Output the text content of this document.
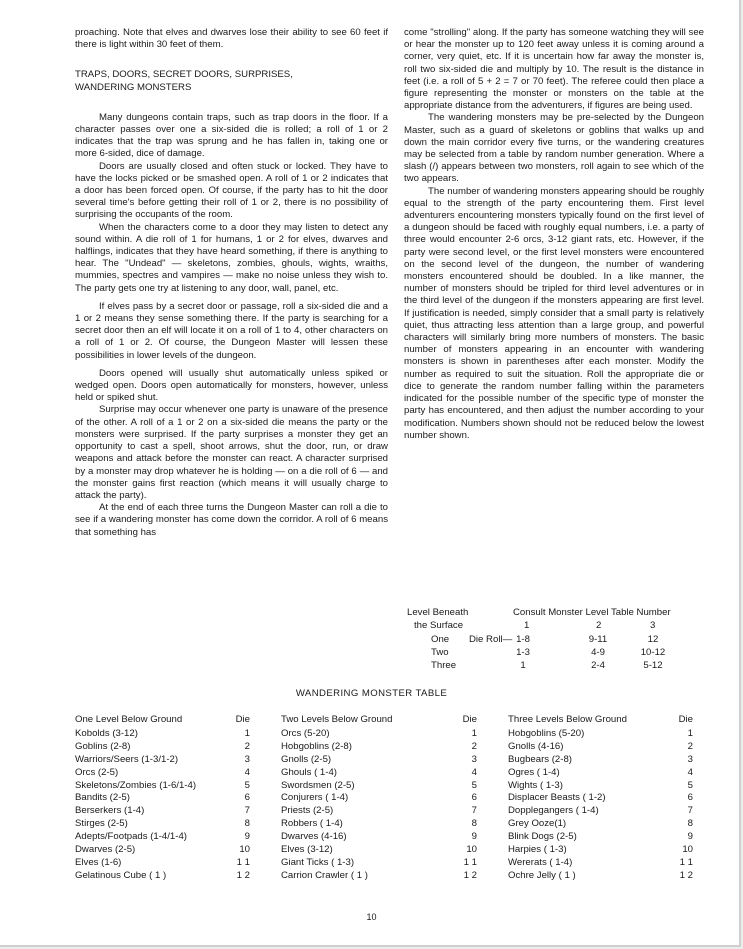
proaching. Note that elves and dwarves lose their ability to see 60 feet if there is light within 30 feet of them.

TRAPS, DOORS, SECRET DOORS, SURPRISES,

WANDERING MONSTERS

Many dungeons contain traps, such as trap doors in the floor. If a character passes over one a six-sided die is rolled; a roll of 1 or 2 indicates that the trap was sprung and he has fallen in, taking one or more 6-sided, dice of damage.

Doors are usually closed and often stuck or locked. They have to have the locks picked or be smashed open. A roll of 1 or 2 indicates that a door has been forced open. Of course, if the party has to hit the door several time's before getting their roll of 1 or 2, there is no possibility of surprising the occupants of the room.

When the characters come to a door they may listen to detect any sound within. A die roll of 1 for humans, 1 or 2 for elves, dwarves and halflings, indicates that they have heard something, if there is anything to hear. The "Undead" — skeletons, zombies, ghouls, wights, wraiths, mummies, spectres and vampires — make no noise unless they wish to. The party gets one try at listening to any door, wall, panel, etc.

If elves pass by a secret door or passage, roll a six-sided die and a 1 or 2 means they sense something there. If the party is searching for a secret door then an elf will locate it on a roll of 1 to 4, other characters on a roll of 1 or 2. Of course, the Dungeon Master will lessen these possibilities in lower levels of the dungeon.

Doors opened will usually shut automatically unless spiked or wedged open. Doors open automatically for monsters, however, unless held or spiked shut.

Surprise may occur whenever one party is unaware of the presence of the other. A roll of a 1 or 2 on a six-sided die means the party or the monsters were surprised. If the party surprises a monster they get an opportunity to cast a spell, shoot arrows, shut the door, run, or draw weapons and attack before the monster can react. A character surprised by a monster may drop whatever he is holding — on a die roll of 6 — and the monster gains first reaction (which means it will usually charge to attack the party).

At the end of each three turns the Dungeon Master can roll a die to see if a wandering monster has come down the corridor. A roll of 6 means that something has

come "strolling" along. If the party has someone watching they will see or hear the monster up to 120 feet away unless it is coming around a corner, very quiet, etc. If it is uncertain how far away the monster is, roll two six-sided die and multiply by 10. The result is the distance in feet (i.e. a roll of 5 + 2 = 7 or 70 feet). The referee could then place a figure representing the monster or monsters on the table at the appropriate distance from the adventurers, if figures are being used.

The wandering monsters may be pre-selected by the Dungeon Master, such as a guard of skeletons or goblins that walks up and down the main corridor every five turns, or the wandering creatures may be selected from a table by random number generation. Where a slash (/) appears between two monsters, roll again to see which of the two appears.

The number of wandering monsters appearing should be roughly equal to the strength of the party encountering them. First level adventurers encountering monsters typically found on the first level of a dungeon should be faced with roughly equal numbers, i.e. a party of three would encounter 2-6 orcs, 3-12 giant rats, etc. However, if the party were second level, or the first level monsters were encountered on the second level of the dungeon, the number of wandering monsters encountered should be doubled. In a like manner, the number of monsters should be tripled for third level adventures or in the third level of the dungeon if the monsters appearing are first level. If justification is needed, simply consider that a small party is relatively quiet, thus attracting less attention than a large group, and powerful characters will similarly bring more numbers of monsters. The basic number of monsters appearing in an encounter with wandering monsters is shown in parentheses after each monster. Modify the number as required to suit the situation. Roll the appropriate die or dice to generate the random number falling within the parameters indicated for the possible number of the specific type of monster the party has encountered, and then adjust the number according to your modification. Numbers shown should not be reduced below the lowest number shown.

Level Beneath
the Surface
Consult Monster Level Table Number
1	2	3
One Die Roll— 1-8	9-11	12
Two	1-3	4-9	10-12
Three	1	2-4	5-12
WANDERING MONSTER TABLE
One Level Below Ground	Die
Kobolds (3-12)	1
Goblins (2-8)	2
Warriors/Seers (1-3/1-2)	3
Orcs (2-5)	4
Skeletons/Zombies (1-6/1-4)	5
Bandits (2-5)	6
Berserkers (1-4)	7
Stirges (2-5)	8
Adepts/Footpads (1-4/1-4)	9
Dwarves (2-5)	10
Elves (1-6)	1 1
Gelatinous Cube ( 1 )	1 2
Two Levels Below Ground	Die
Orcs (5-20)	1
Hobgoblins (2-8)	2
Gnolls (2-5)	3
Ghouls ( 1-4)	4
Swordsmen (2-5)	5
Conjurers ( 1-4)	6
Priests (2-5)	7
Robbers ( 1-4)	8
Dwarves (4-16)	9
Elves (3-12)	10
Giant Ticks ( 1-3)	1 1
Carrion Crawler ( 1 )	1 2
Three Levels Below Ground	Die
Hobgoblins (5-20)	1
Gnolls (4-16)	2
Bugbears (2-8)	3
Ogres ( 1-4)	4
Wights ( 1-3)	5
Displacer Beasts ( 1-2)	6
Dopplegangers ( 1-4)	7
Grey Ooze(1)	8
Blink Dogs (2-5)	9
Harpies ( 1-3)	10
Wererats ( 1-4)	1 1
Ochre Jelly ( 1 )	1 2
10
